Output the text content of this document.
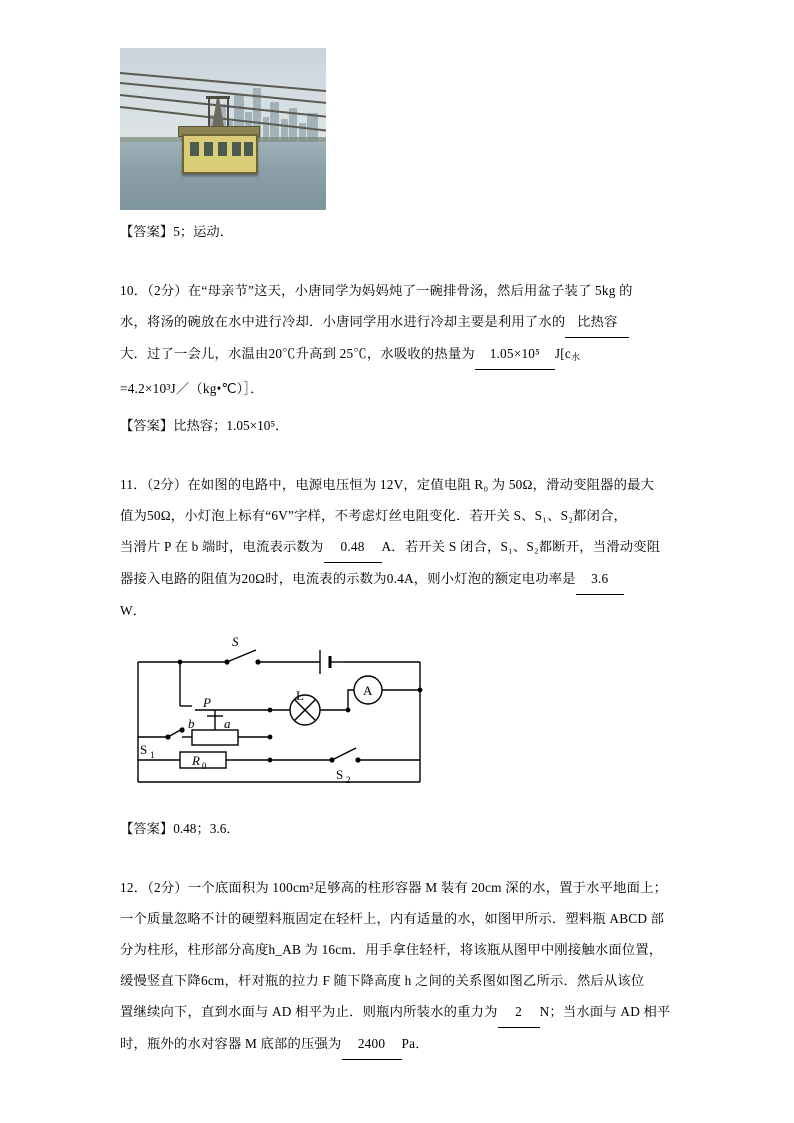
【答案】5；运动．
10．（2分）在“母亲节”这天，小唐同学为妈妈炖了一碗排骨汤，然后用盆子装了 5kg 的
水，将汤的碗放在水中进行冷却．小唐同学用水进行冷却主要是利用了水的 比热容
大．过了一会儿，水温由20℃升高到 25℃，水吸收的热量为 1.05×10⁵ $J[c_水$
=4.2×10³J／（kg•℃）］．
【答案】比热容；1.05×10⁵．
11．（2分）在如图的电路中，电源电压恒为 12V，定值电阻 R₀ 为 50Ω，滑动变阻器的最大
值为50Ω，小灯泡上标有“6V”字样，不考虑灯丝电阻变化．若开关 S、S₁、S₂都闭合，
当滑片 P 在 b 端时，电流表示数为 0.48 A．若开关 S 闭合，S₁、S₂都断开，当滑动变阻
器接入电路的阻值为20Ω时，电流表的示数为0.4A，则小灯泡的额定电功率是 3.6
W．
S
P	L	A
b a
S 1	R 0
S 2
【答案】0.48；3.6．
12．（2分）一个底面积为 100cm²足够高的柱形容器 M 装有 20cm 深的水，置于水平地面上；
一个质量忽略不计的硬塑料瓶固定在轻杆上，内有适量的水，如图甲所示．塑料瓶 ABCD 部
分为柱形，柱形部分高度h_AB 为 16cm．用手拿住轻杆，将该瓶从图甲中刚接触水面位置，
缓慢竖直下降6cm，杆对瓶的拉力 F 随下降高度 h 之间的关系图如图乙所示．然后从该位
置继续向下，直到水面与 AD 相平为止．则瓶内所装水的重力为 2 N；当水面与 AD 相平
时，瓶外的水对容器 M 底部的压强为 2400 Pa．
